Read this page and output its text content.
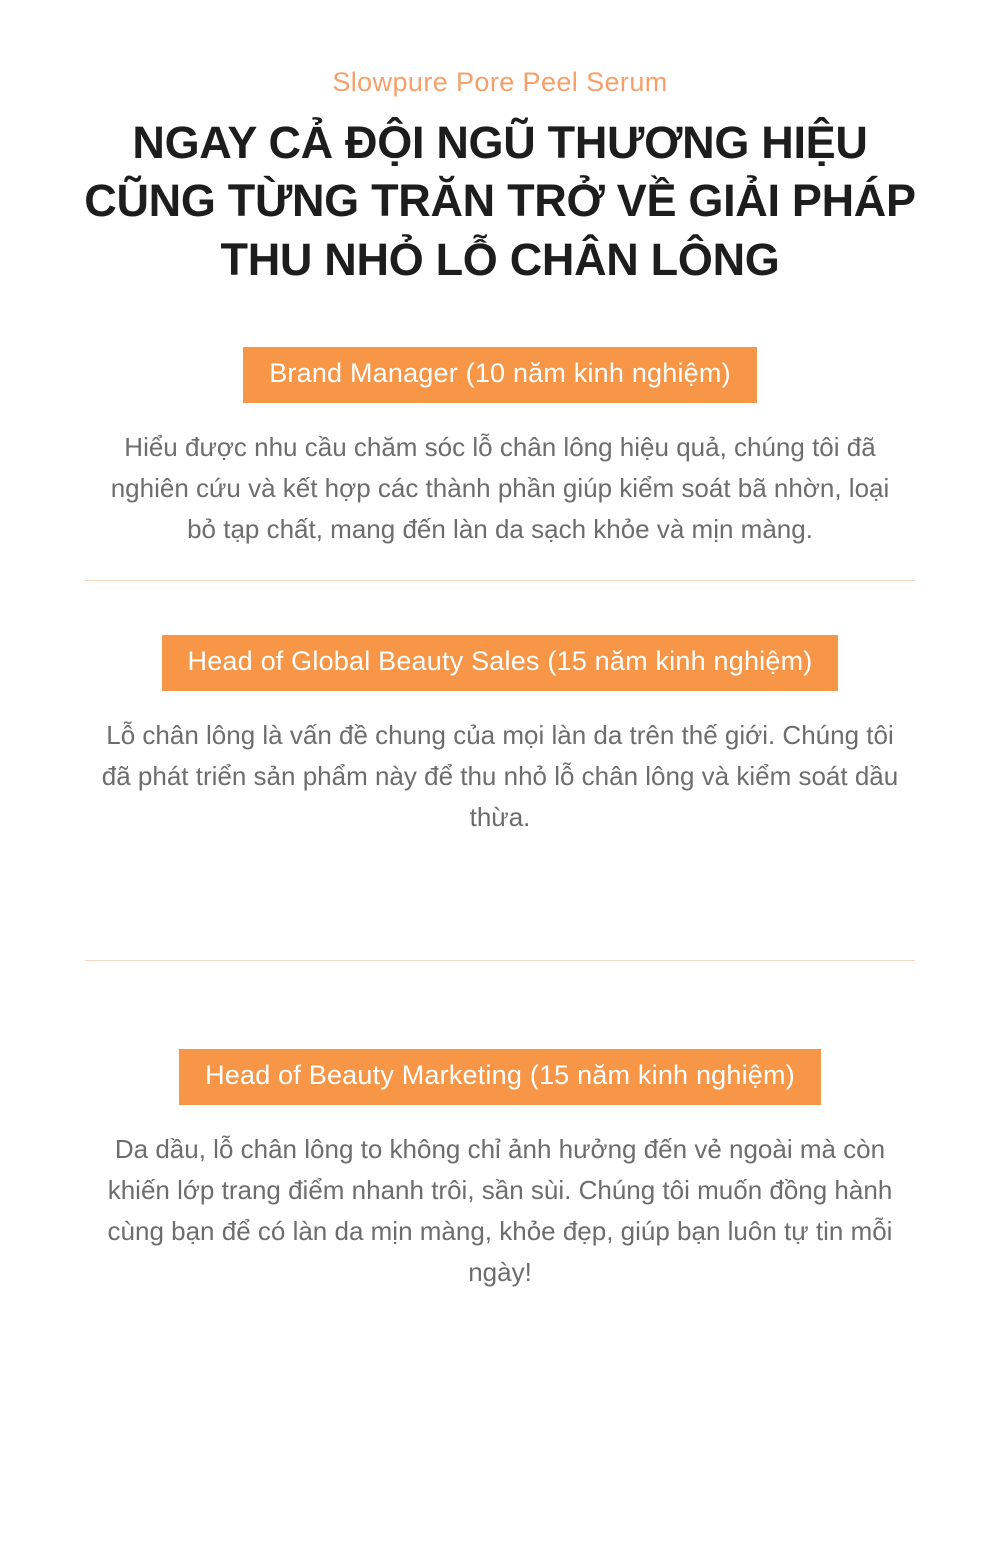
Slowpure Pore Peel Serum
NGAY CẢ ĐỘI NGŨ THƯƠNG HIỆU
CŨNG TỪNG TRĂN TRỞ VỀ GIẢI PHÁP
THU NHỎ LỖ CHÂN LÔNG
Brand Manager (10 năm kinh nghiệm)

Hiểu được nhu cầu chăm sóc lỗ chân lông hiệu quả, chúng tôi đã nghiên cứu và kết hợp các thành phần giúp kiểm soát bã nhờn, loại bỏ tạp chất, mang đến làn da sạch khỏe và mịn màng.

Head of Global Beauty Sales (15 năm kinh nghiệm)

Lỗ chân lông là vấn đề chung của mọi làn da trên thế giới. Chúng tôi đã phát triển sản phẩm này để thu nhỏ lỗ chân lông và kiểm soát dầu thừa.

Head of Beauty Marketing (15 năm kinh nghiệm)

Da dầu, lỗ chân lông to không chỉ ảnh hưởng đến vẻ ngoài mà còn khiến lớp trang điểm nhanh trôi, sần sùi. Chúng tôi muốn đồng hành cùng bạn để có làn da mịn màng, khỏe đẹp, giúp bạn luôn tự tin mỗi ngày!
